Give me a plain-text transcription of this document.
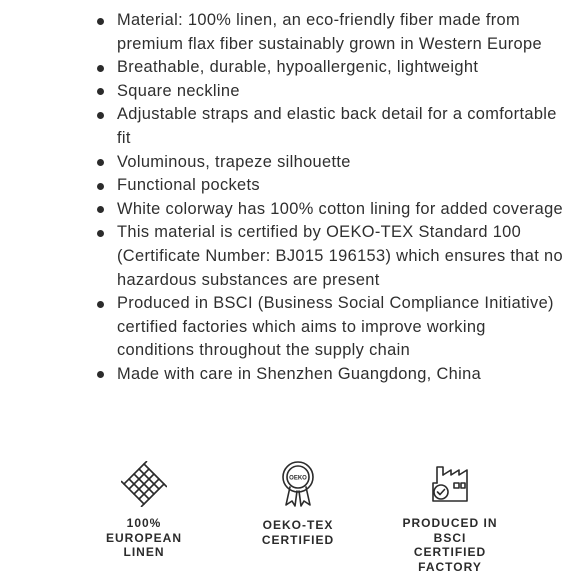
Material: 100% linen, an eco-friendly fiber made from premium flax fiber sustainably grown in Western Europe
Breathable, durable, hypoallergenic, lightweight
Square neckline
Adjustable straps and elastic back detail for a comfortable fit
Voluminous, trapeze silhouette
Functional pockets
White colorway has 100% cotton lining for added coverage
This material is certified by OEKO-TEX Standard 100 (Certificate Number: BJ015 196153) which ensures that no hazardous substances are present
Produced in BSCI (Business Social Compliance Initiative) certified factories which aims to improve working conditions throughout the supply chain
Made with care in Shenzhen Guangdong, China
100%
EUROPEAN
LINEN
OEKO
OEKO-TEX
CERTIFIED
PRODUCED IN
BSCI
CERTIFIED
FACTORY
